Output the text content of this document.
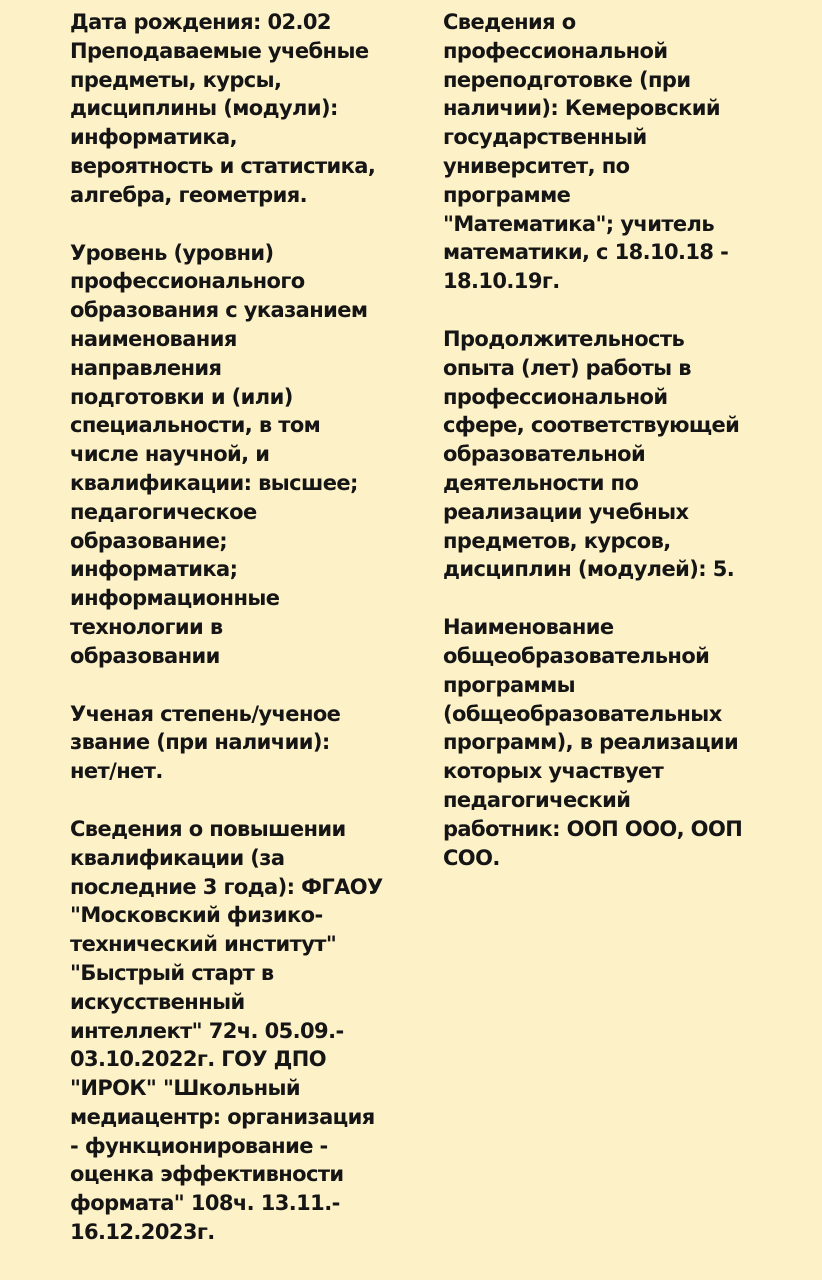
Дата рождения: 02.02
Преподаваемые учебные
предметы, курсы,
дисциплины (модули):
информатика,
вероятность и статистика,
алгебра, геометрия.

Уровень (уровни)
профессионального
образования с указанием
наименования
направления
подготовки и (или)
специальности, в том
числе научной, и
квалификации: высшее;
педагогическое
образование;
информатика;
информационные
технологии в
образовании

Ученая степень/ученое
звание (при наличии):
нет/нет.

Сведения о повышении
квалификации (за
последние 3 года): ФГАОУ
"Московский физико-
технический институт"
"Быстрый старт в
искусственный
интеллект" 72ч. 05.09.-
03.10.2022г. ГОУ ДПО
"ИРОК" "Школьный
медиацентр: организация
- функционирование -
оценка эффективности
формата" 108ч. 13.11.-
16.12.2023г.

Сведения о
профессиональной
переподготовке (при
наличии): Кемеровский
государственный
университет, по
программе
"Математика"; учитель
математики, с 18.10.18 -
18.10.19г.

Продолжительность
опыта (лет) работы в
профессиональной
сфере, соответствующей
образовательной
деятельности по
реализации учебных
предметов, курсов,
дисциплин (модулей): 5.

Наименование
общеобразовательной
программы
(общеобразовательных
программ), в реализации
которых участвует
педагогический
работник: ООП ООО, ООП
СОО.
